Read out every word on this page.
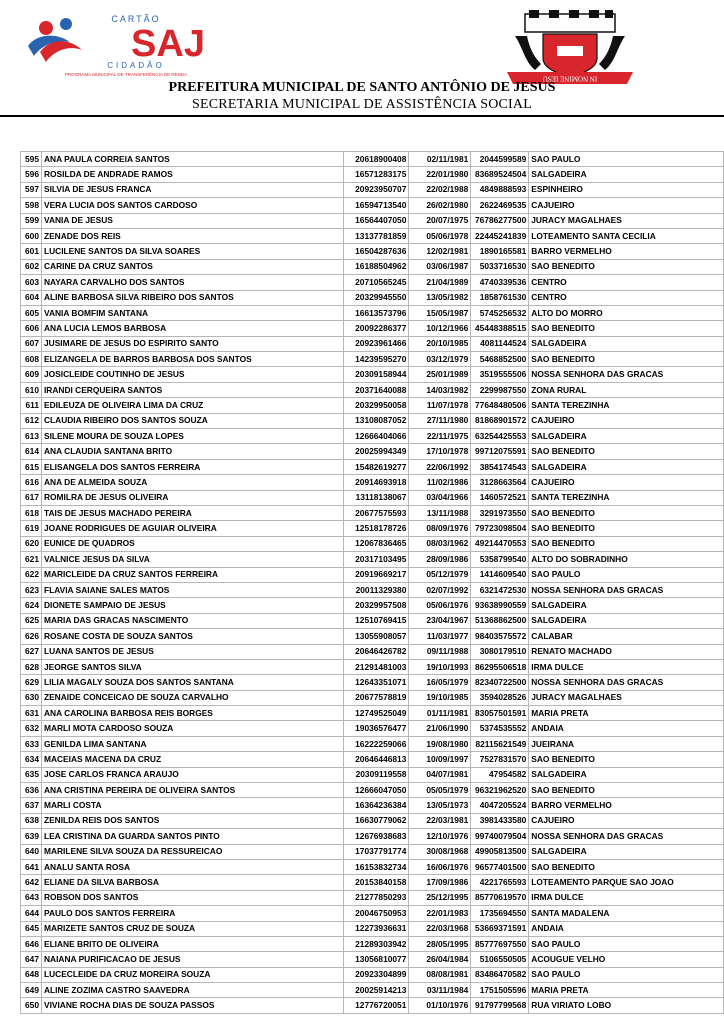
CARTÃO
SAJ
CIDADÃO
PROGRAMA MUNICIPAL DE TRANSFERÊNCIA DE RENDA	IN NOMINE IESU
PREFEITURA MUNICIPAL DE SANTO ANTÔNIO DE JESUS
SECRETARIA MUNICIPAL DE ASSISTÊNCIA SOCIAL
595	ANA PAULA CORREIA SANTOS	20618900408	02/11/1981	2044599589	SAO PAULO
596	ROSILDA DE ANDRADE RAMOS	16571283175	22/01/1980	83689524504	SALGADEIRA
597	SILVIA DE JESUS FRANCA	20923950707	22/02/1988	4849888593	ESPINHEIRO
598	VERA LUCIA DOS SANTOS CARDOSO	16594713540	26/02/1980	2622469535	CAJUEIRO
599	VANIA DE JESUS	16564407050	20/07/1975	76786277500	JURACY MAGALHAES
600	ZENADE DOS REIS	13137781859	05/06/1978	22445241839	LOTEAMENTO SANTA CECILIA
601	LUCILENE SANTOS DA SILVA SOARES	16504287636	12/02/1981	1890165581	BARRO VERMELHO
602	CARINE DA CRUZ SANTOS	16188504962	03/06/1987	5033716530	SAO BENEDITO
603	NAYARA CARVALHO DOS SANTOS	20710565245	21/04/1989	4740339536	CENTRO
604	ALINE BARBOSA SILVA RIBEIRO DOS SANTOS	20329945550	13/05/1982	1858761530	CENTRO
605	VANIA BOMFIM SANTANA	16613573796	15/05/1987	5745256532	ALTO DO MORRO
606	ANA LUCIA LEMOS BARBOSA	20092286377	10/12/1966	45448388515	SAO BENEDITO
607	JUSIMARE DE JESUS DO ESPIRITO SANTO	20923961466	20/10/1985	4081144524	SALGADEIRA
608	ELIZANGELA DE BARROS BARBOSA DOS SANTOS	14239595270	03/12/1979	5468852500	SAO BENEDITO
609	JOSICLEIDE COUTINHO DE JESUS	20309158944	25/01/1989	3519555506	NOSSA SENHORA DAS GRACAS
610	IRANDI CERQUEIRA SANTOS	20371640088	14/03/1982	2299987550	ZONA RURAL
611	EDILEUZA DE OLIVEIRA LIMA DA CRUZ	20329950058	11/07/1978	77648480506	SANTA TEREZINHA
612	CLAUDIA RIBEIRO DOS SANTOS SOUZA	13108087052	27/11/1980	81868901572	CAJUEIRO
613	SILENE MOURA DE SOUZA LOPES	12666404066	22/11/1975	63254425553	SALGADEIRA
614	ANA CLAUDIA SANTANA BRITO	20025994349	17/10/1978	99712075591	SAO BENEDITO
615	ELISANGELA DOS SANTOS FERREIRA	15482619277	22/06/1992	3854174543	SALGADEIRA
616	ANA DE ALMEIDA SOUZA	20914693918	11/02/1986	3128663564	CAJUEIRO
617	ROMILRA DE JESUS OLIVEIRA	13118138067	03/04/1966	1460572521	SANTA TEREZINHA
618	TAIS DE JESUS MACHADO PEREIRA	20677575593	13/11/1988	3291973550	SAO BENEDITO
619	JOANE RODRIGUES DE AGUIAR OLIVEIRA	12518178726	08/09/1976	79723098504	SAO BENEDITO
620	EUNICE DE QUADROS	12067836465	08/03/1962	49214470553	SAO BENEDITO
621	VALNICE JESUS DA SILVA	20317103495	28/09/1986	5358799540	ALTO DO SOBRADINHO
622	MARICLEIDE DA CRUZ SANTOS FERREIRA	20919669217	05/12/1979	1414609540	SAO PAULO
623	FLAVIA SAIANE SALES MATOS	20011329380	02/07/1992	6321472530	NOSSA SENHORA DAS GRACAS
624	DIONETE SAMPAIO DE JESUS	20329957508	05/06/1976	93638990559	SALGADEIRA
625	MARIA DAS GRACAS NASCIMENTO	12510769415	23/04/1967	51368862500	SALGADEIRA
626	ROSANE COSTA DE SOUZA SANTOS	13055908057	11/03/1977	98403575572	CALABAR
627	LUANA SANTOS DE JESUS	20646426782	09/11/1988	3080179510	RENATO MACHADO
628	JEORGE SANTOS SILVA	21291481003	19/10/1993	86295506518	IRMA DULCE
629	LILIA MAGALY SOUZA DOS SANTOS SANTANA	12643351071	16/05/1979	82340722500	NOSSA SENHORA DAS GRACAS
630	ZENAIDE CONCEICAO DE SOUZA CARVALHO	20677578819	19/10/1985	3594028526	JURACY MAGALHAES
631	ANA CAROLINA BARBOSA REIS BORGES	12749525049	01/11/1981	83057501591	MARIA PRETA
632	MARLI MOTA CARDOSO SOUZA	19036576477	21/06/1990	5374535552	ANDAIA
633	GENILDA LIMA SANTANA	16222259066	19/08/1980	82115621549	JUEIRANA
634	MACEIAS MACENA DA CRUZ	20646446813	10/09/1997	7527831570	SAO BENEDITO
635	JOSE CARLOS FRANCA ARAUJO	20309119558	04/07/1981	47954582	SALGADEIRA
636	ANA CRISTINA PEREIRA DE OLIVEIRA SANTOS	12666047050	05/05/1979	96321962520	SAO BENEDITO
637	MARLI COSTA	16364236384	13/05/1973	4047205524	BARRO VERMELHO
638	ZENILDA REIS DOS SANTOS	16630779062	22/03/1981	3981433580	CAJUEIRO
639	LEA CRISTINA DA GUARDA SANTOS PINTO	12676938683	12/10/1976	99740079504	NOSSA SENHORA DAS GRACAS
640	MARILENE SILVA SOUZA DA RESSUREICAO	17037791774	30/08/1968	49905813500	SALGADEIRA
641	ANALU SANTA ROSA	16153832734	16/06/1976	96577401500	SAO BENEDITO
642	ELIANE DA SILVA BARBOSA	20153840158	17/09/1986	4221765593	LOTEAMENTO PARQUE SAO JOAO
643	ROBSON DOS SANTOS	21277850293	25/12/1995	85770619570	IRMA DULCE
644	PAULO DOS SANTOS FERREIRA	20046750953	22/01/1983	1735694550	SANTA MADALENA
645	MARIZETE SANTOS CRUZ DE SOUZA	12273936631	22/03/1968	53669371591	ANDAIA
646	ELIANE BRITO DE OLIVEIRA	21289303942	28/05/1995	85777697550	SAO PAULO
647	NAIANA PURIFICACAO DE JESUS	13056810077	26/04/1984	5106550505	ACOUGUE VELHO
648	LUCECLEIDE DA CRUZ MOREIRA SOUZA	20923304899	08/08/1981	83486470582	SAO PAULO
649	ALINE ZOZIMA CASTRO SAAVEDRA	20025914213	03/11/1984	1751505596	MARIA PRETA
650	VIVIANE ROCHA DIAS DE SOUZA PASSOS	12776720051	01/10/1976	91797799568	RUA VIRIATO LOBO
